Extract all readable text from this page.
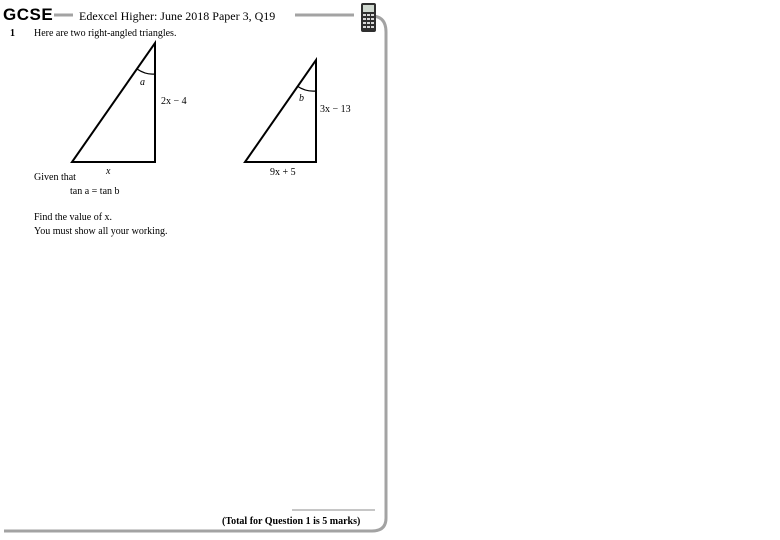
GCSE Edexcel Higher: June 2018 Paper 3, Q19
1 Here are two right-angled triangles.
a
2x − 4
x
b
3x − 13
9x + 5
Given that
tan a = tan b
Find the value of x.
You must show all your working.
(Total for Question 1 is 5 marks)
